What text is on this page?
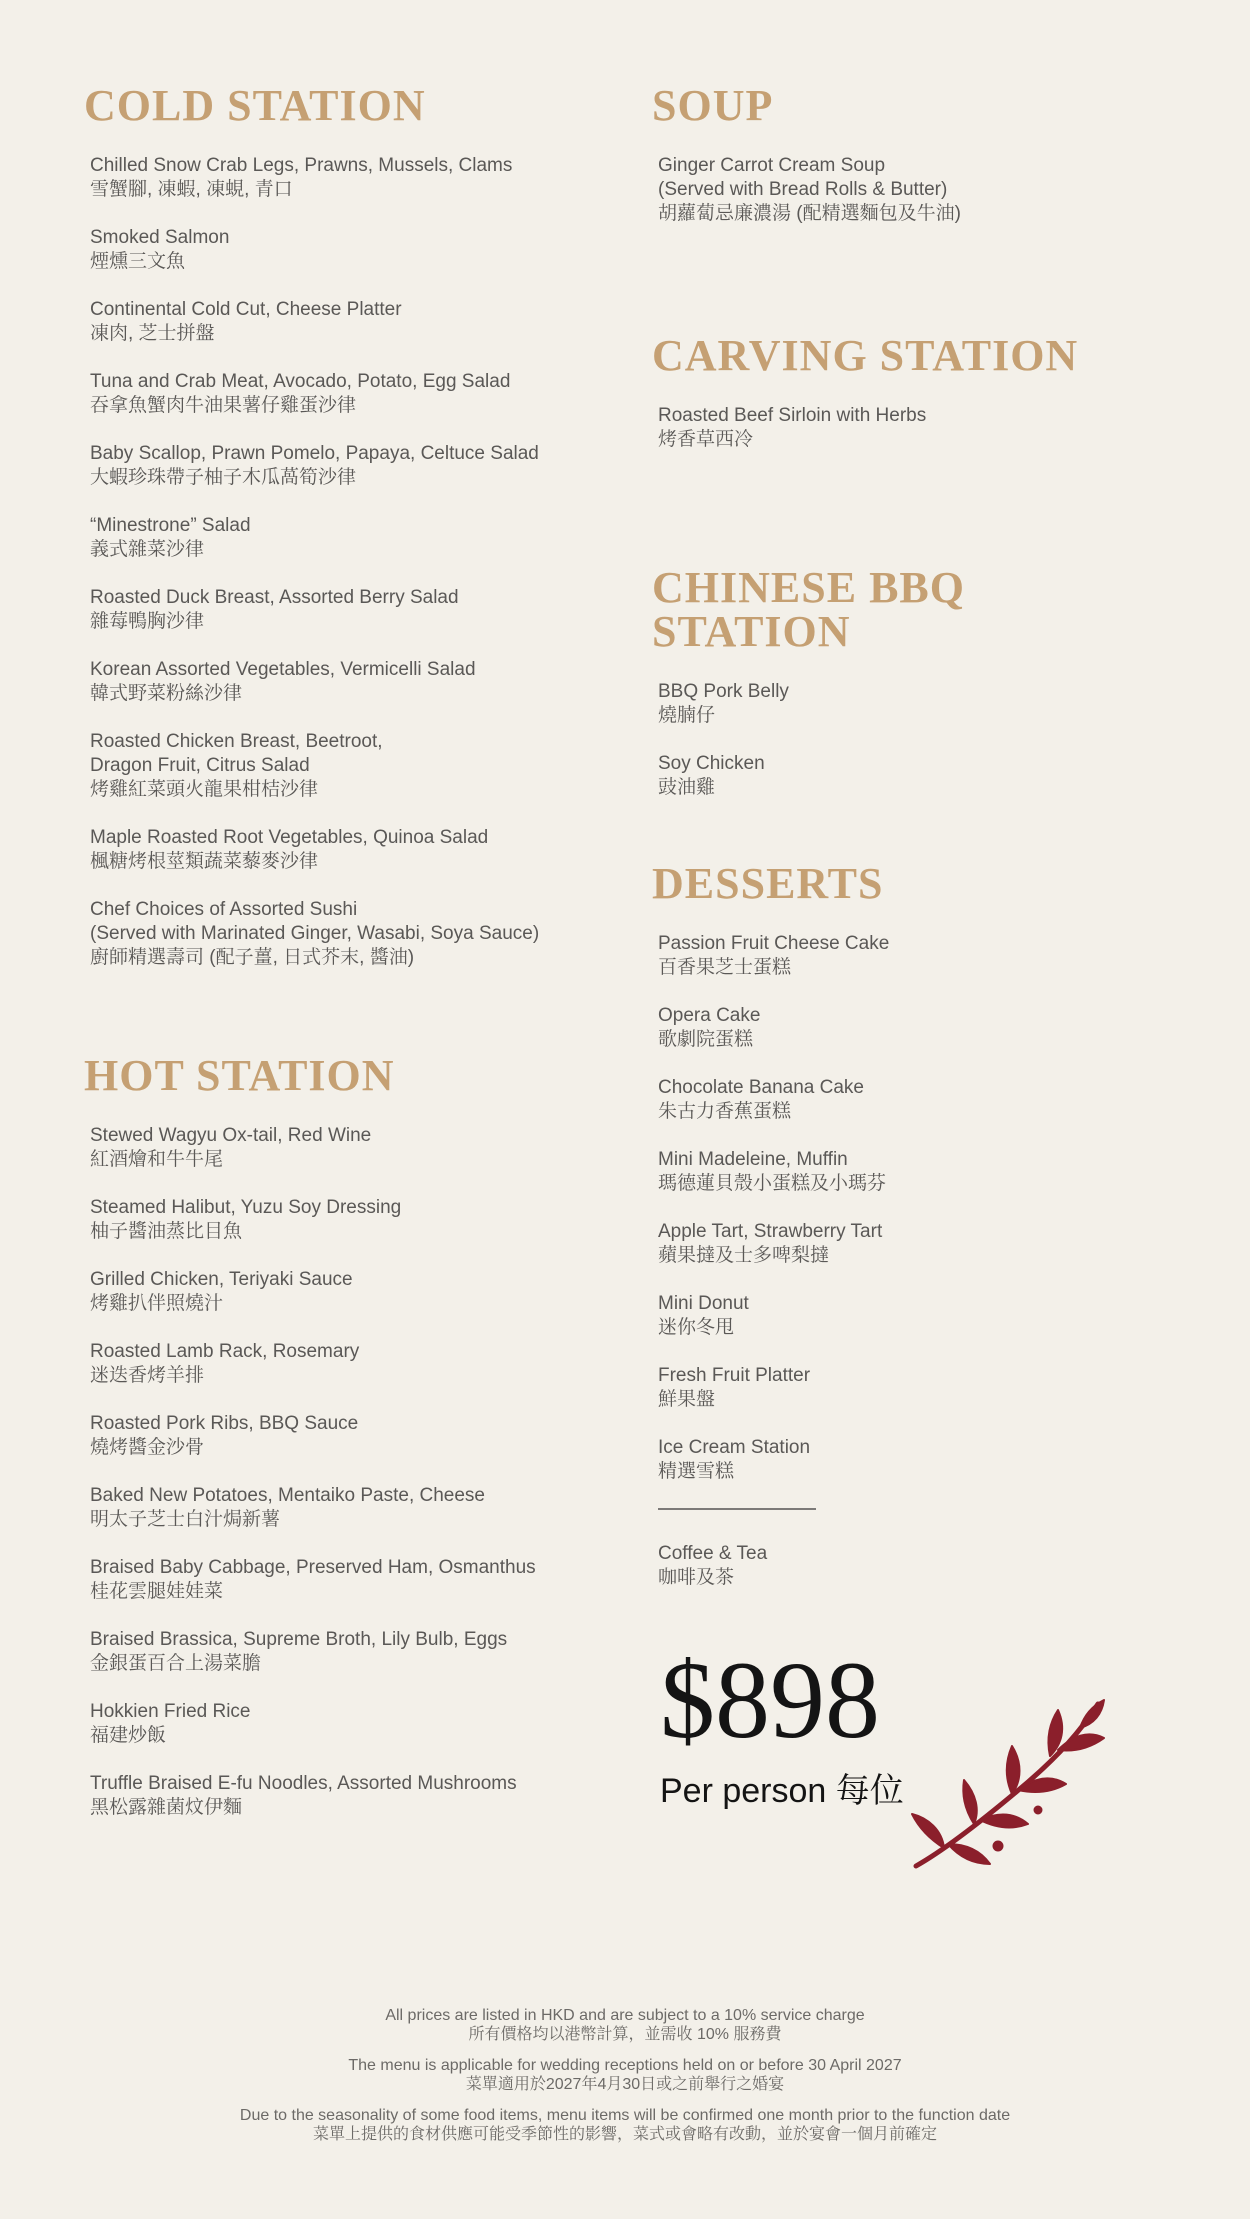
COLD STATION
Chilled Snow Crab Legs, Prawns, Mussels, Clams
雪蟹腳, 凍蝦, 凍蜆, 青口
Smoked Salmon
煙燻三文魚
Continental Cold Cut, Cheese Platter
凍肉, 芝士拼盤
Tuna and Crab Meat, Avocado, Potato, Egg Salad
吞拿魚蟹肉牛油果薯仔雞蛋沙律
Baby Scallop, Prawn Pomelo, Papaya, Celtuce Salad
大蝦珍珠帶子柚子木瓜萵筍沙律
“Minestrone” Salad
義式雜菜沙律
Roasted Duck Breast, Assorted Berry Salad
雜莓鴨胸沙律
Korean Assorted Vegetables, Vermicelli Salad
韓式野菜粉絲沙律
Roasted Chicken Breast, Beetroot,
Dragon Fruit, Citrus Salad
烤雞紅菜頭火龍果柑桔沙律
Maple Roasted Root Vegetables, Quinoa Salad
楓糖烤根莖類蔬菜藜麥沙律
Chef Choices of Assorted Sushi
(Served with Marinated Ginger, Wasabi, Soya Sauce)
廚師精選壽司 (配子薑, 日式芥末, 醬油)
HOT STATION
Stewed Wagyu Ox-tail, Red Wine
紅酒燴和牛牛尾
Steamed Halibut, Yuzu Soy Dressing
柚子醬油蒸比目魚
Grilled Chicken, Teriyaki Sauce
烤雞扒伴照燒汁
Roasted Lamb Rack, Rosemary
迷迭香烤羊排
Roasted Pork Ribs, BBQ Sauce
燒烤醬金沙骨
Baked New Potatoes, Mentaiko Paste, Cheese
明太子芝士白汁焗新薯
Braised Baby Cabbage, Preserved Ham, Osmanthus
桂花雲腿娃娃菜
Braised Brassica, Supreme Broth, Lily Bulb, Eggs
金銀蛋百合上湯菜膽
Hokkien Fried Rice
福建炒飯
Truffle Braised E-fu Noodles, Assorted Mushrooms
黑松露雜菌炆伊麵
SOUP
Ginger Carrot Cream Soup
(Served with Bread Rolls & Butter)
胡蘿蔔忌廉濃湯 (配精選麵包及牛油)
CARVING STATION
Roasted Beef Sirloin with Herbs
烤香草西冷
CHINESE BBQ STATION
BBQ Pork Belly
燒腩仔
Soy Chicken
豉油雞
DESSERTS
Passion Fruit Cheese Cake
百香果芝士蛋糕
Opera Cake
歌劇院蛋糕
Chocolate Banana Cake
朱古力香蕉蛋糕
Mini Madeleine, Muffin
瑪德蓮貝殼小蛋糕及小瑪芬
Apple Tart, Strawberry Tart
蘋果撻及士多啤梨撻
Mini Donut
迷你冬甩
Fresh Fruit Platter
鮮果盤
Ice Cream Station
精選雪糕
Coffee & Tea
咖啡及茶

$898

Per person 每位
All prices are listed in HKD and are subject to a 10% service charge
所有價格均以港幣計算，並需收 10% 服務費
The menu is applicable for wedding receptions held on or before 30 April 2027
菜單適用於2027年4月30日或之前舉行之婚宴
Due to the seasonality of some food items, menu items will be confirmed one month prior to the function date
菜單上提供的食材供應可能受季節性的影響，菜式或會略有改動，並於宴會一個月前確定
